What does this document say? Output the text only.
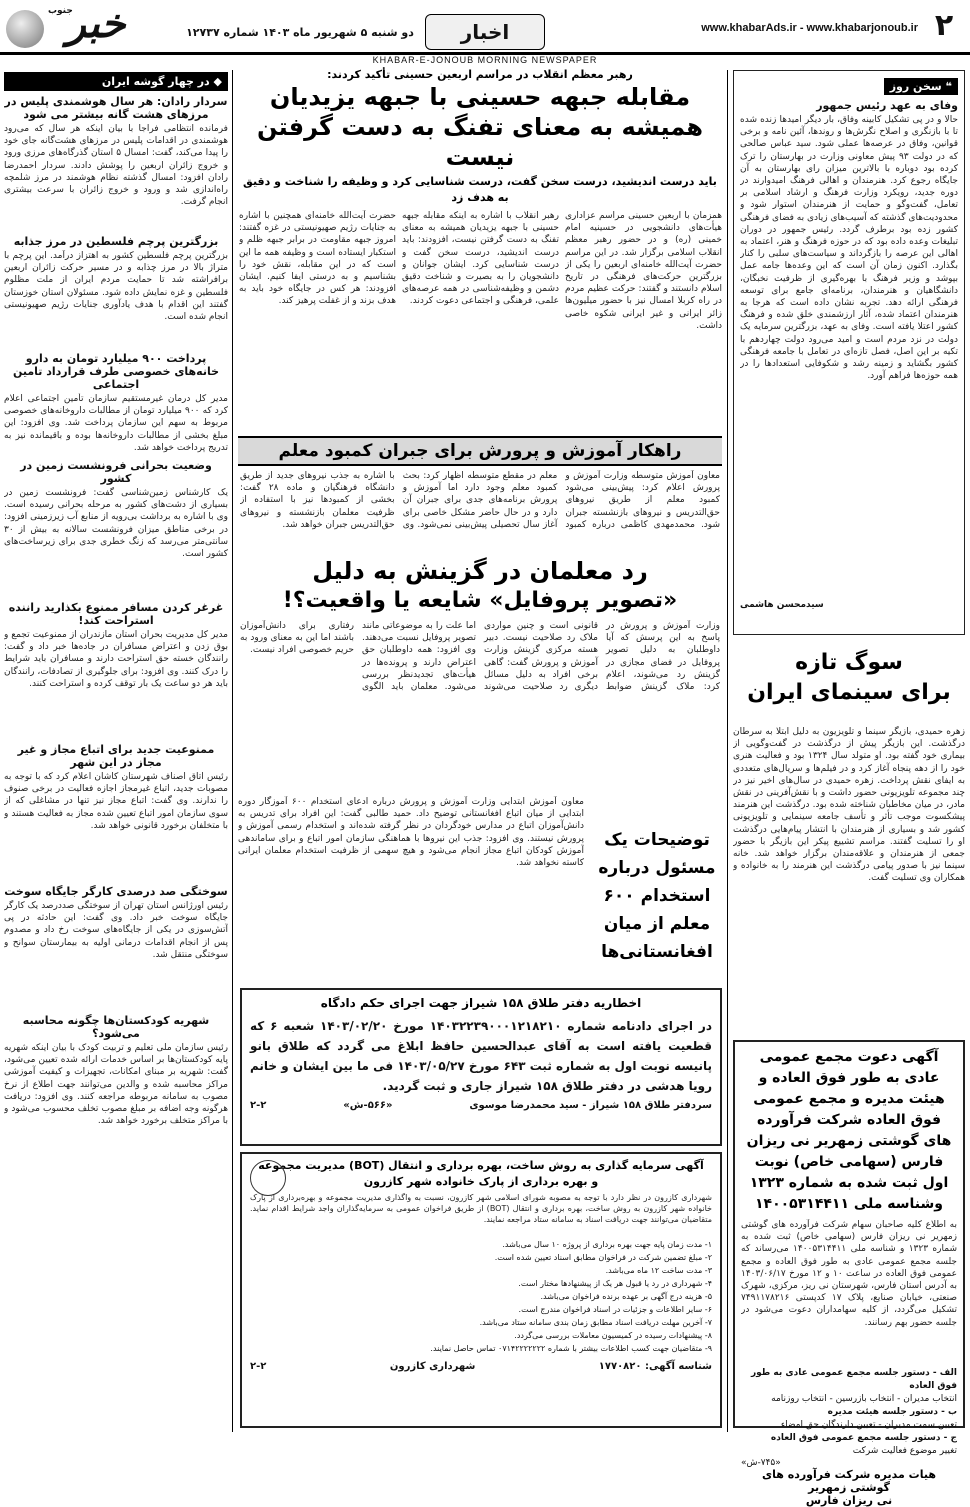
۲
www.khabarAds.ir - www.khabarjonoub.ir
اخبار
دو شنبه ۵ شهریور ماه ۱۴۰۳ شماره ۱۲۷۳۷
خبر
جنوب
KHABAR-E-JONOUB MORNING NEWSPAPER
❝ سخن روز
وفای به عهد رئیس جمهور
حالا و در پی تشکیل کابینه وفاق، بار دیگر امیدها زنده شده تا با بازنگری و اصلاح نگرش‌ها و روندها، آئین نامه و برخی قوانین، وفاق در عرصه‌ها عملی شود. سید عباس صالحی که در دولت ۹۳ پیش معاونی وزارت در بهارستان را ترک کرده بود دوباره با بالاترین میزان رای بهارستان به آن جایگاه رجوع کرد. هنرمندان و اهالی فرهنگ امیدوارند در دوره جدید، رویکرد وزارت فرهنگ و ارشاد اسلامی بر تعامل، گفت‌وگو و حمایت از هنرمندان استوار شود و محدودیت‌های گذشته که آسیب‌های زیادی به فضای فرهنگی کشور زده بود برطرف گردد. رئیس جمهور در دوران تبلیغات وعده داده بود که در حوزه فرهنگ و هنر، اعتماد به اهالی این عرصه را بازگرداند و سیاست‌های سلبی را کنار بگذارد. اکنون زمان آن است که این وعده‌ها جامه عمل بپوشد و وزیر فرهنگ با بهره‌گیری از ظرفیت نخبگان، دانشگاهیان و هنرمندان، برنامه‌ای جامع برای توسعه فرهنگی ارائه دهد. تجربه نشان داده است که هرجا به هنرمندان اعتماد شده، آثار ارزشمندی خلق شده و فرهنگ کشور اعتلا یافته است. وفای به عهد، بزرگترین سرمایه یک دولت در نزد مردم است و امید می‌رود دولت چهاردهم با تکیه بر این اصل، فصل تازه‌ای در تعامل با جامعه فرهنگی کشور بگشاید و زمینه رشد و شکوفایی استعدادها را در همه حوزه‌ها فراهم آورد.
سیدمحسن هاشمی
سوگ تازه
برای سینمای ایران
زهره حمیدی، بازیگر سینما و تلویزیون به دلیل ابتلا به سرطان درگذشت. این بازیگر پیش از درگذشت در گفت‌وگویی از بیماری خود گفته بود. او متولد سال ۱۳۲۴ بود و فعالیت هنری خود را از دهه پنجاه آغاز کرد و در فیلم‌ها و سریال‌های متعددی به ایفای نقش پرداخت. زهره حمیدی در سال‌های اخیر نیز در چند مجموعه تلویزیونی حضور داشت و با نقش‌آفرینی در نقش مادر، در میان مخاطبان شناخته شده بود. درگذشت این هنرمند پیشکسوت موجب تأثر و تأسف جامعه سینمایی و تلویزیونی کشور شد و بسیاری از هنرمندان با انتشار پیام‌هایی درگذشت او را تسلیت گفتند. مراسم تشییع پیکر این بازیگر با حضور جمعی از هنرمندان و علاقه‌مندان برگزار خواهد شد. خانه سینما نیز با صدور پیامی درگذشت این هنرمند را به خانواده و همکاران وی تسلیت گفت.
آگهی دعوت مجمع عمومی عادی به طور فوق العاده و هیئت مدیره و مجمع عمومی فوق العاده شرکت فرآورده های گوشتی زمهریر نی ریزان فارس (سهامی خاص) نوبت اول ثبت شده به شماره ۱۳۲۳ وشناسه ملی ۱۴۰۰۵۳۱۴۴۱۱
به اطلاع کلیه صاحبان سهام شرکت فرآورده های گوشتی زمهریر نی ریزان فارس (سهامی خاص) ثبت شده به شماره ۱۳۲۳ و شناسه ملی ۱۴۰۰۵۳۱۴۴۱۱ می‌رساند که جلسه مجمع عمومی عادی به طور فوق العاده و مجمع عمومی فوق العاده در ساعت ۱۰ و ۱۲ مورخ ۱۴۰۳/۰۶/۱۷ به آدرس استان فارس، شهرستان نی ریز، مرکزی، شهرک صنعتی، خیابان صنایع، پلاک ۱۷ کدپستی ۷۴۹۱۱۷۸۲۱۶ تشکیل می‌گردد، از کلیه سهامداران دعوت می‌شود در جلسه حضور بهم رسانند.
الف - دستور جلسه مجمع عمومی عادی به طور فوق العاده
انتخاب مدیران - انتخاب بازرسین - انتخاب روزنامه
ب - دستور جلسه هیئت مدیره
تعیین سمت مدیران - تعیین دارندگان حق امضاء
ج - دستور جلسه مجمع عمومی فوق العاده
تغییر موضوع فعالیت شرکت
«۷۴۵-ش»
هیات مدیره شرکت فرآورده های گوشتی زمهریر
نی ریزان فارس
رهبر معظم انقلاب در مراسم اربعین حسینی تأکید کردند:
مقابله جبهه حسینی با جبهه یزیدیان
همیشه به معنای تفنگ به دست گرفتن نیست
باید درست اندیشید، درست سخن گفت، درست شناسایی کرد و وظیفه را شناخت و دقیق به هدف زد
همزمان با اربعین حسینی مراسم عزاداری هیأت‌های دانشجویی در حسینیه امام خمینی (ره) و در حضور رهبر معظم انقلاب اسلامی برگزار شد. در این مراسم حضرت آیت‌الله خامنه‌ای اربعین را یکی از بزرگترین حرکت‌های فرهنگی در تاریخ اسلام دانستند و گفتند: حرکت عظیم مردم در راه کربلا امسال نیز با حضور میلیون‌ها زائر ایرانی و غیر ایرانی شکوه خاصی داشت.
رهبر انقلاب با اشاره به اینکه مقابله جبهه حسینی با جبهه یزیدیان همیشه به معنای تفنگ به دست گرفتن نیست، افزودند: باید درست اندیشید، درست سخن گفت و درست شناسایی کرد. ایشان جوانان و دانشجویان را به بصیرت و شناخت دقیق دشمن و وظیفه‌شناسی در همه عرصه‌های علمی، فرهنگی و اجتماعی دعوت کردند.
حضرت آیت‌الله خامنه‌ای همچنین با اشاره به جنایات رژیم صهیونیستی در غزه گفتند: امروز جبهه مقاومت در برابر جبهه ظلم و استکبار ایستاده است و وظیفه همه ما این است که در این مقابله، نقش خود را بشناسیم و به درستی ایفا کنیم. ایشان افزودند: هر کس در جایگاه خود باید به هدف بزند و از غفلت پرهیز کند.
راهکار آموزش و پرورش برای جبران کمبود معلم
معاون آموزش متوسطه وزارت آموزش و پرورش اعلام کرد: پیش‌بینی می‌شود کمبود معلم از طریق نیروهای حق‌التدریس و نیروهای بازنشسته جبران شود. محمدمهدی کاظمی درباره کمبود معلم در مقطع متوسطه اظهار کرد: بحث کمبود معلم وجود دارد اما آموزش و پرورش برنامه‌های جدی برای جبران آن دارد و در حال حاضر مشکل خاصی برای آغاز سال تحصیلی پیش‌بینی نمی‌شود. وی با اشاره به جذب نیروهای جدید از طریق دانشگاه فرهنگیان و ماده ۲۸ گفت: بخشی از کمبودها نیز با استفاده از ظرفیت معلمان بازنشسته و نیروهای حق‌التدریس جبران خواهد شد.
رد معلمان در گزینش به دلیل
«تصویر پروفایل» شایعه یا واقعیت؟!
وزارت آموزش و پرورش در پاسخ به این پرسش که آیا داوطلبان به دلیل تصویر پروفایل در فضای مجازی در گزینش رد می‌شوند، اعلام کرد: ملاک گزینش ضوابط قانونی است و چنین مواردی ملاک رد صلاحیت نیست. دبیر هسته مرکزی گزینش وزارت آموزش و پرورش گفت: گاهی برخی افراد به دلیل مسائل دیگری رد صلاحیت می‌شوند اما علت را به موضوعاتی مانند تصویر پروفایل نسبت می‌دهند. وی افزود: همه داوطلبان حق اعتراض دارند و پرونده‌ها در هیأت‌های تجدیدنظر بررسی می‌شود. معلمان باید الگوی رفتاری برای دانش‌آموزان باشند اما این به معنای ورود به حریم خصوصی افراد نیست.
توضیحات یک مسئول درباره استخدام ۶۰۰ معلم از میان افغانستانی‌ها
معاون آموزش ابتدایی وزارت آموزش و پرورش درباره ادعای استخدام ۶۰۰ آموزگار دوره ابتدایی از میان اتباع افغانستانی توضیح داد. حمید طالبی گفت: این افراد برای تدریس به دانش‌آموزان اتباع در مدارس خودگردان در نظر گرفته شده‌اند و استخدام رسمی آموزش و پرورش نیستند. وی افزود: جذب این نیروها با هماهنگی سازمان امور اتباع و برای ساماندهی آموزش کودکان اتباع مجاز انجام می‌شود و هیچ سهمی از ظرفیت استخدام معلمان ایرانی کاسته نخواهد شد.
اخطاریه دفتر طلاق ۱۵۸ شیراز جهت اجرای حکم دادگاه
در اجرای دادنامه شماره ۱۴۰۳۲۲۳۹۰۰۰۱۲۱۸۲۱۰ مورخ ۱۴۰۳/۰۲/۲۰ شعبه ۶ که قطعیت یافته است به آقای عبدالحسین حافظ ابلاغ می گردد که طلاق بانو پانیسه نوبت اول به شماره ثبت ۶۴۳ مورخ ۱۴۰۳/۰۵/۲۷ فی ما بین ایشان و خانم رویا هدشی در دفتر طلاق ۱۵۸ شیراز جاری و ثبت گردید.
سردفتر طلاق ۱۵۸ شیراز - سید محمدرضا موسوی
«۵۶۶-ش»
۲-۲
آگهی سرمایه گذاری به روش ساخت، بهره برداری و انتقال (BOT) مدیریت مجموعه
و بهره برداری از پارک خانواده شهر کازرون
شهرداری کازرون در نظر دارد با توجه به مصوبه شورای اسلامی شهر کازرون، نسبت به واگذاری مدیریت مجموعه و بهره‌برداری از پارک خانواده شهر کازرون به روش ساخت، بهره برداری و انتقال (BOT) از طریق فراخوان عمومی به سرمایه‌گذاران واجد شرایط اقدام نماید. متقاضیان می‌توانند جهت دریافت اسناد به سامانه ستاد مراجعه نمایند.
۱- مدت زمان پایه جهت بهره برداری از پروژه ۱۰ سال می‌باشد.
۲- مبلغ تضمین شرکت در فراخوان مطابق اسناد تعیین شده است.
۳- مدت ساخت ۱۲ ماه می‌باشد.
۴- شهرداری در رد یا قبول هر یک از پیشنهادها مختار است.
۵- هزینه درج آگهی بر عهده برنده فراخوان می‌باشد.
۶- سایر اطلاعات و جزئیات در اسناد فراخوان مندرج است.
۷- آخرین مهلت دریافت اسناد مطابق زمان بندی سامانه ستاد می‌باشد.
۸- پیشنهادات رسیده در کمیسیون معاملات بررسی می‌گردد.
۹- متقاضیان جهت کسب اطلاعات بیشتر با شماره ۰۷۱۴۲۲۲۲۲۲۲ تماس حاصل نمایند.
شناسه آگهی: ۱۷۷۰۸۲۰
شهرداری کازرون
۲-۲
◆ در چهار گوشه ایران
سردار رادان: هر سال هوشمندی پلیس در مرزهای هشت گانه بیشتر می شود
فرمانده انتظامی فراجا با بیان اینکه هر سال که می‌رود هوشمندی در اقدامات پلیس در مرزهای هشت‌گانه جای خود را پیدا می‌کند، گفت: امسال ۵ استان گذرگاه‌های مرزی ورود و خروج زائران اربعین را پوشش دادند. سردار احمدرضا رادان افزود: امسال گذشته نظام هوشمند در مرز شلمچه راه‌اندازی شد و ورود و خروج زائران با سرعت بیشتری انجام گرفت.
بزرگترین پرچم فلسطین در مرز جذابه
بزرگترین پرچم فلسطین کشور به اهتزاز درآمد. این پرچم با متراژ بالا در مرز چذابه و در مسیر حرکت زائران اربعین برافراشته شد تا حمایت مردم ایران از ملت مظلوم فلسطین و غزه نمایش داده شود. مسئولان استان خوزستان گفتند این اقدام با هدف یادآوری جنایات رژیم صهیونیستی انجام شده است.
پرداخت ۹۰۰ میلیارد تومان به دارو خانه‌های خصوصی طرف قرارداد تامین اجتماعی
مدیر کل درمان غیرمستقیم سازمان تأمین اجتماعی اعلام کرد که ۹۰۰ میلیارد تومان از مطالبات داروخانه‌های خصوصی مربوط به سهم این سازمان پرداخت شد. وی افزود: این مبلغ بخشی از مطالبات داروخانه‌ها بوده و باقیمانده نیز به تدریج پرداخت خواهد شد.
وضعیت بحرانی فرونشست زمین در کشور
یک کارشناس زمین‌شناسی گفت: فرونشست زمین در بسیاری از دشت‌های کشور به مرحله بحرانی رسیده است. وی با اشاره به برداشت بی‌رویه از منابع آب زیرزمینی افزود: در برخی مناطق میزان فرونشست سالانه به بیش از ۳۰ سانتی‌متر می‌رسد که زنگ خطری جدی برای زیرساخت‌های کشور است.
غرغر کردن مسافر ممنوع بکذارید راننده استراحت کند!
مدیر کل مدیریت بحران استان مازندران از ممنوعیت تجمع و بوق زدن و اعتراض مسافران در جاده‌ها خبر داد و گفت: رانندگان خسته حق استراحت دارند و مسافران باید شرایط را درک کنند. وی افزود: برای جلوگیری از تصادفات، رانندگان باید هر دو ساعت یک بار توقف کرده و استراحت کنند.
ممنوعیت جدید برای اتباع مجاز و غیر مجاز در این شهر
رئیس اتاق اصناف شهرستان کاشان اعلام کرد که با توجه به مصوبات جدید، اتباع غیرمجاز اجازه فعالیت در برخی صنوف را ندارند. وی گفت: اتباع مجاز نیز تنها در مشاغلی که از سوی سازمان امور اتباع تعیین شده مجاز به فعالیت هستند و با متخلفان برخورد قانونی خواهد شد.
سوختگی صد درصدی کارگر جایگاه سوخت
رئیس اورژانس استان تهران از سوختگی صددرصد یک کارگر جایگاه سوخت خبر داد. وی گفت: این حادثه در پی آتش‌سوزی در یکی از جایگاه‌های سوخت رخ داد و مصدوم پس از انجام اقدامات درمانی اولیه به بیمارستان سوانح و سوختگی منتقل شد.
شهریه کودکستان‌ها چگونه محاسبه می‌شود؟
رئیس سازمان ملی تعلیم و تربیت کودک با بیان اینکه شهریه پایه کودکستان‌ها بر اساس خدمات ارائه شده تعیین می‌شود، گفت: شهریه بر مبنای امکانات، تجهیزات و کیفیت آموزشی مراکز محاسبه شده و والدین می‌توانند جهت اطلاع از نرخ مصوب به سامانه مربوطه مراجعه کنند. وی افزود: دریافت هرگونه وجه اضافه بر مبلغ مصوب تخلف محسوب می‌شود و با مراکز متخلف برخورد خواهد شد.
